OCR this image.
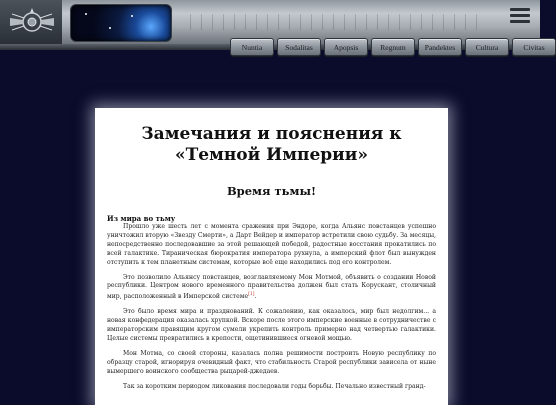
Nuntia	Sodalitas	Apopsis	Regnum	Pandektes	Cultura	Civitas
Замечания и пояснения к «Темной Империи»
Время тьмы!
Из мира во тьму

Прошло уже шесть лет с момента сражения при Эндоре, когда Альянс повстанцев успешно уничтожил вторую «Звезду Смерти», а Дарт Вейдер и император встретили свою судьбу. За месяцы, непосредственно последовавшие за этой решающей победой, радостные восстания прокатились по всей галактике. Тираническая бюрократия императора рухнула, а имперский флот был вынужден отступить к тем планетным системам, которые всё еще находились под его контролем.

Это позволило Альянсу повстанцев, возглавляемому Мон Мотмой, объявить о создании Новой республики. Центром нового временного правительства должен был стать Корускант, столичный мир, расположенный в Имперской системе[1].

Это было время мира и празднований. К сожалению, как оказалось, мир был недолгим... а новая конфедерация оказалась хрупкой. Вскоре после этого имперские военные в сотрудничестве с императорским правящим кругом сумели укрепить контроль примерно над четвертью галактики. Целые системы превратились в крепости, ощетинившиеся огневой мощью.

Мон Мотма, со своей стороны, казалась полна решимости построить Новую республику по образцу старой, игнорируя очевидный факт, что стабильность Старой республики зависела от ныне вымершего воинского сообщества рыцарей-джедаев.

Так за коротким периодом ликования последовали годы борьбы. Печально известный гранд-
